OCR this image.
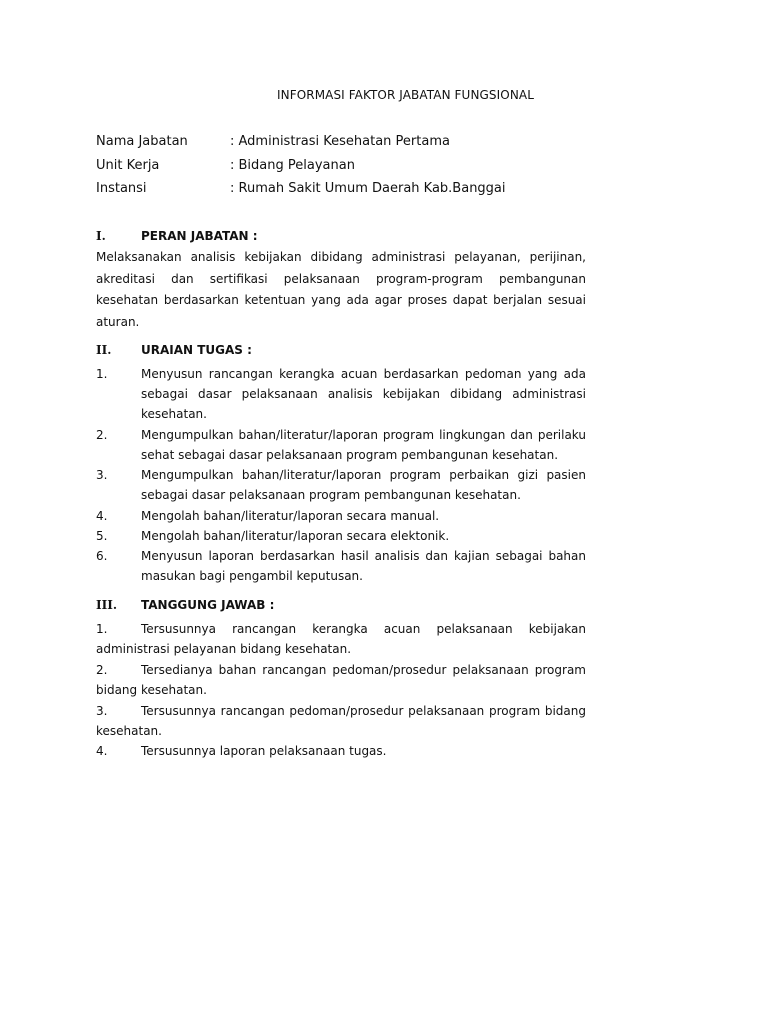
INFORMASI FAKTOR JABATAN FUNGSIONAL
Nama Jabatan	: Administrasi Kesehatan Pertama
Unit Kerja	: Bidang Pelayanan
Instansi	: Rumah Sakit Umum Daerah Kab.Banggai
I.	PERAN JABATAN :
Melaksanakan analisis kebijakan dibidang administrasi pelayanan, perijinan, akreditasi dan sertifikasi pelaksanaan program-program pembangunan kesehatan berdasarkan ketentuan yang ada agar proses dapat berjalan sesuai aturan.
II. URAIAN TUGAS :
1.	Menyusun rancangan kerangka acuan berdasarkan pedoman yang ada sebagai dasar pelaksanaan analisis kebijakan dibidang administrasi kesehatan.
2.	Mengumpulkan bahan/literatur/laporan program lingkungan dan perilaku sehat sebagai dasar pelaksanaan program pembangunan kesehatan.
3.	Mengumpulkan bahan/literatur/laporan program perbaikan gizi pasien sebagai dasar pelaksanaan program pembangunan kesehatan.
4.	Mengolah bahan/literatur/laporan secara manual.
5.	Mengolah bahan/literatur/laporan secara elektonik.
6.	Menyusun laporan berdasarkan hasil analisis dan kajian sebagai bahan masukan bagi pengambil keputusan.
III. TANGGUNG JAWAB :
1.	Tersusunnya rancangan kerangka acuan pelaksanaan kebijakan administrasi pelayanan bidang kesehatan.
2.	Tersedianya bahan rancangan pedoman/prosedur pelaksanaan program bidang kesehatan.
3.	Tersusunnya rancangan pedoman/prosedur pelaksanaan program bidang kesehatan.
4.	Tersusunnya laporan pelaksanaan tugas.
